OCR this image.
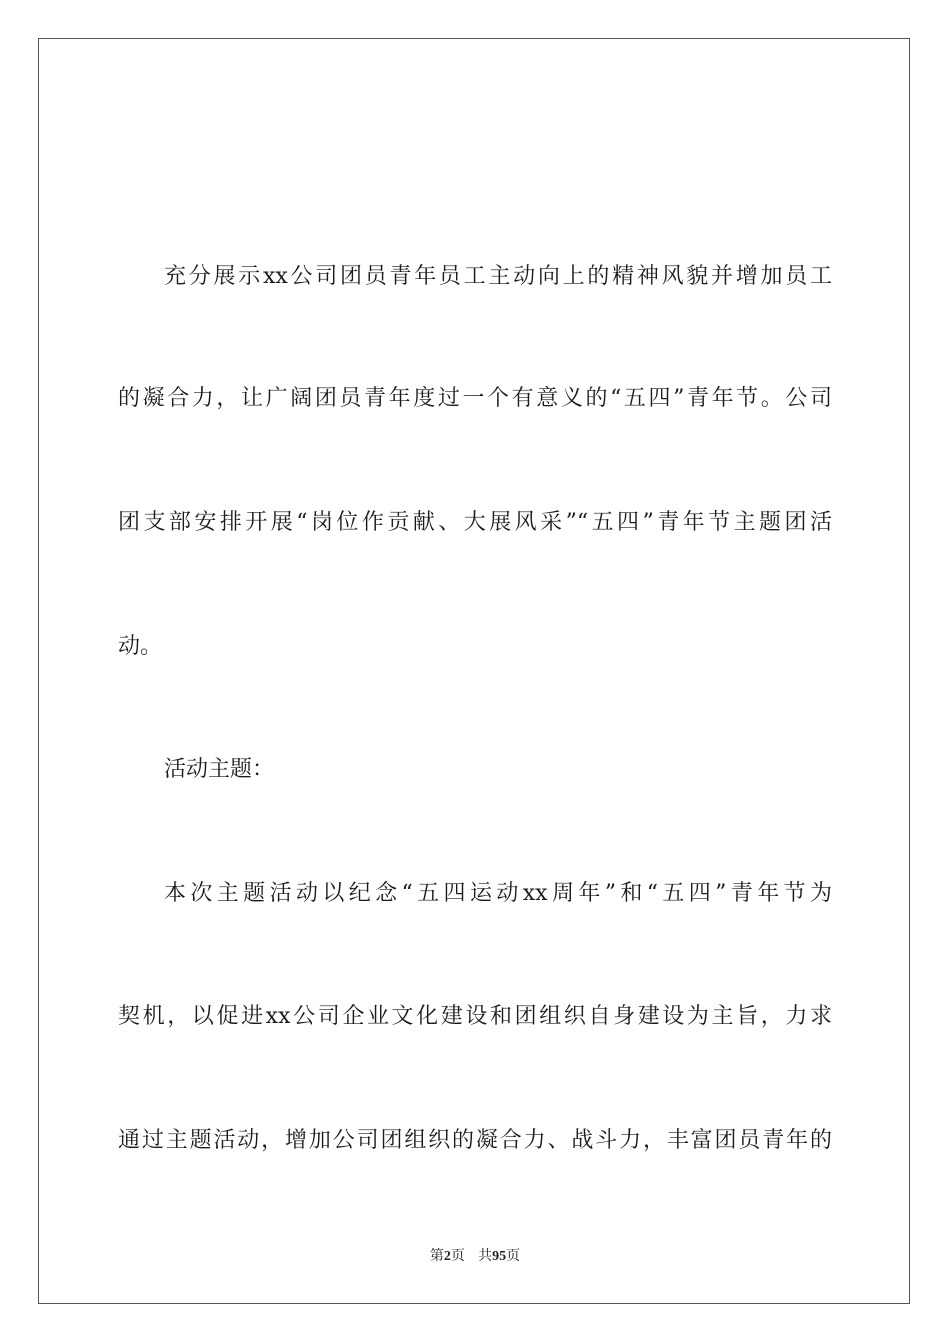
充分展示xx公司团员青年员工主动向上的精神风貌并增加员工
的凝合力，让广阔团员青年度过一个有意义的“五四”青年节。公司
团支部安排开展“岗位作贡献、大展风采”“五四”青年节主题团活
动。
活动主题：
本次主题活动以纪念“五四运动xx周年”和“五四”青年节为
契机，以促进xx公司企业文化建设和团组织自身建设为主旨，力求
通过主题活动，增加公司团组织的凝合力、战斗力，丰富团员青年的
第2页 共95页
